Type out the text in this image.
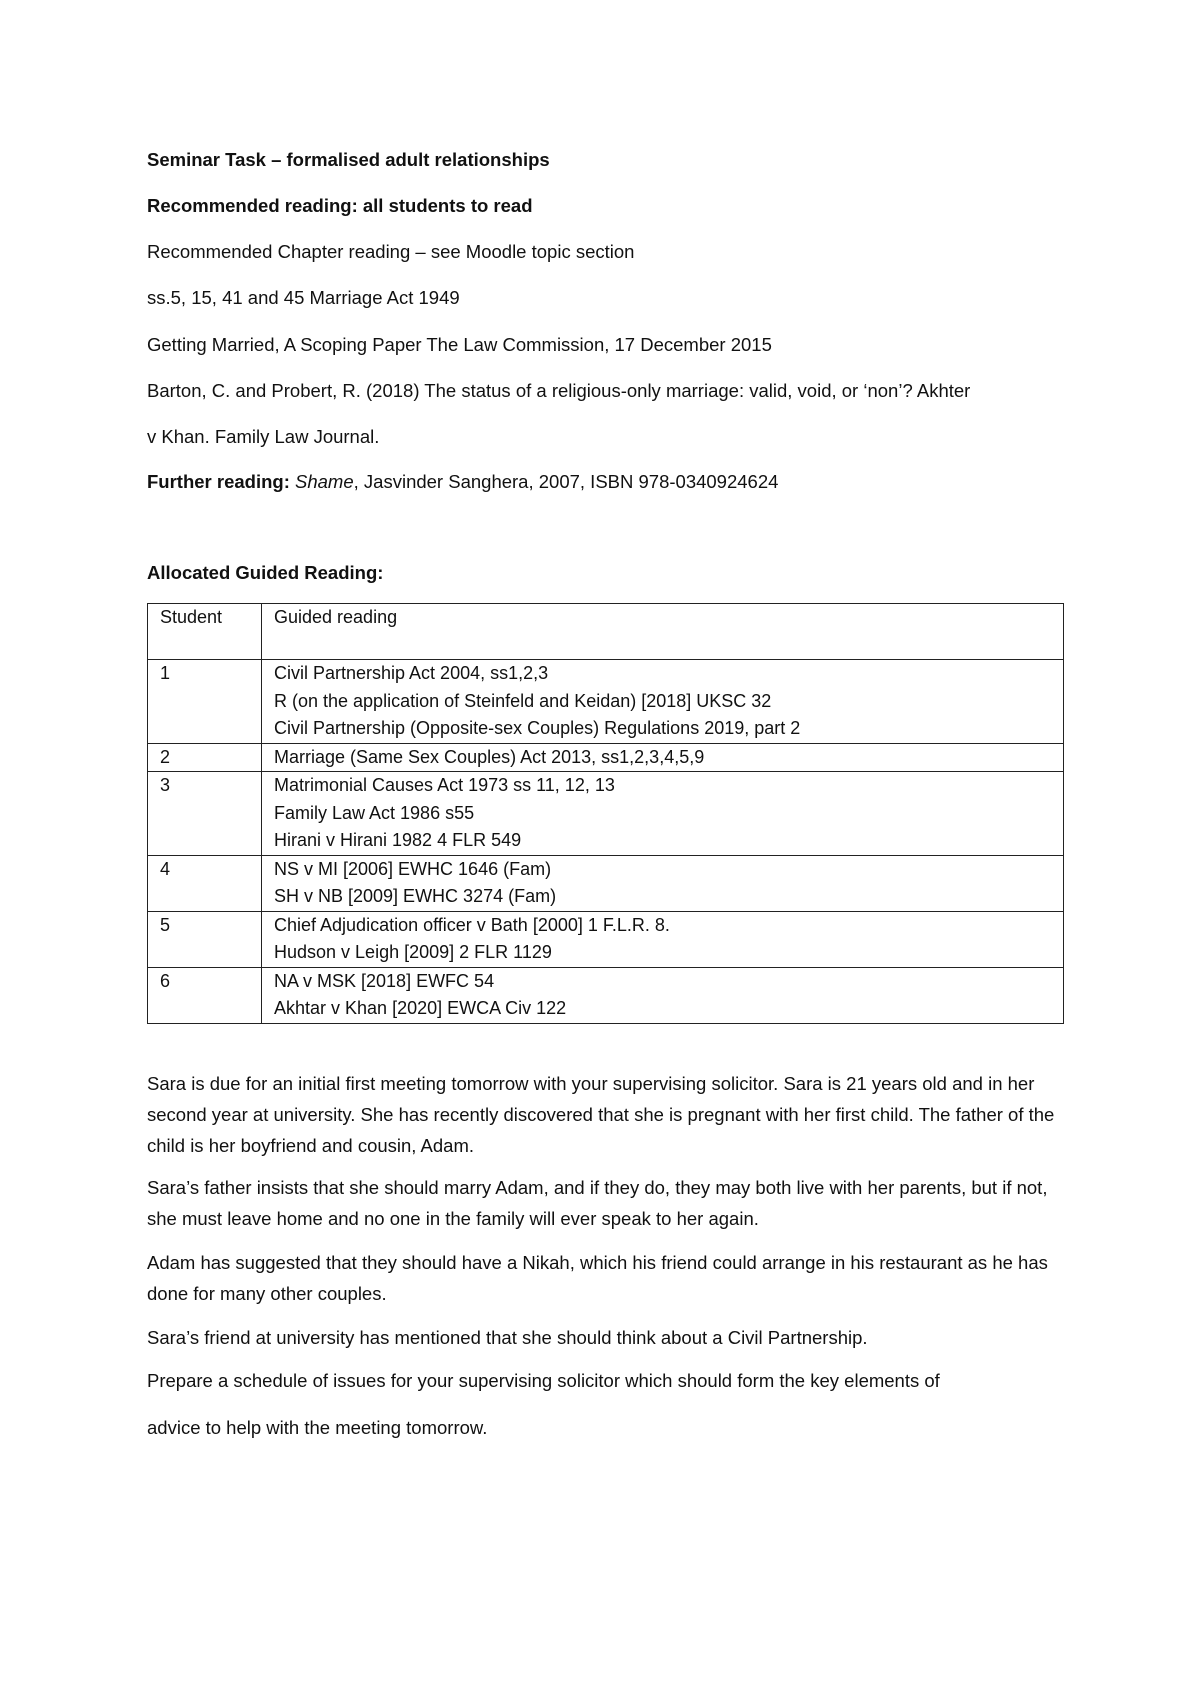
Seminar Task – formalised adult relationships
Recommended reading: all students to read
Recommended Chapter reading – see Moodle topic section
ss.5, 15, 41 and 45 Marriage Act 1949
Getting Married, A Scoping Paper The Law Commission, 17 December 2015
Barton, C. and Probert, R. (2018) The status of a religious-only marriage: valid, void, or ‘non’? Akhter
v Khan. Family Law Journal.
Further reading: Shame, Jasvinder Sanghera, 2007, ISBN 978-0340924624
Allocated Guided Reading:
Student	Guided reading
1	Civil Partnership Act 2004, ss1,2,3
R (on the application of Steinfeld and Keidan) [2018] UKSC 32
Civil Partnership (Opposite-sex Couples) Regulations 2019, part 2

2	Marriage (Same Sex Couples) Act 2013, ss1,2,3,4,5,9

3	Matrimonial Causes Act 1973 ss 11, 12, 13
Family Law Act 1986 s55
Hirani v Hirani 1982 4 FLR 549

4	NS v MI [2006] EWHC 1646 (Fam)
SH v NB [2009] EWHC 3274 (Fam)

5	Chief Adjudication officer v Bath [2000] 1 F.L.R. 8.
Hudson v Leigh [2009] 2 FLR 1129

6	NA v MSK [2018] EWFC 54
Akhtar v Khan [2020] EWCA Civ 122
Sara is due for an initial first meeting tomorrow with your supervising solicitor. Sara is 21 years old and in her second year at university. She has recently discovered that she is pregnant with her first child. The father of the child is her boyfriend and cousin, Adam.
Sara’s father insists that she should marry Adam, and if they do, they may both live with her parents, but if not, she must leave home and no one in the family will ever speak to her again.
Adam has suggested that they should have a Nikah, which his friend could arrange in his restaurant as he has done for many other couples.
Sara’s friend at university has mentioned that she should think about a Civil Partnership.
Prepare a schedule of issues for your supervising solicitor which should form the key elements of
advice to help with the meeting tomorrow.
